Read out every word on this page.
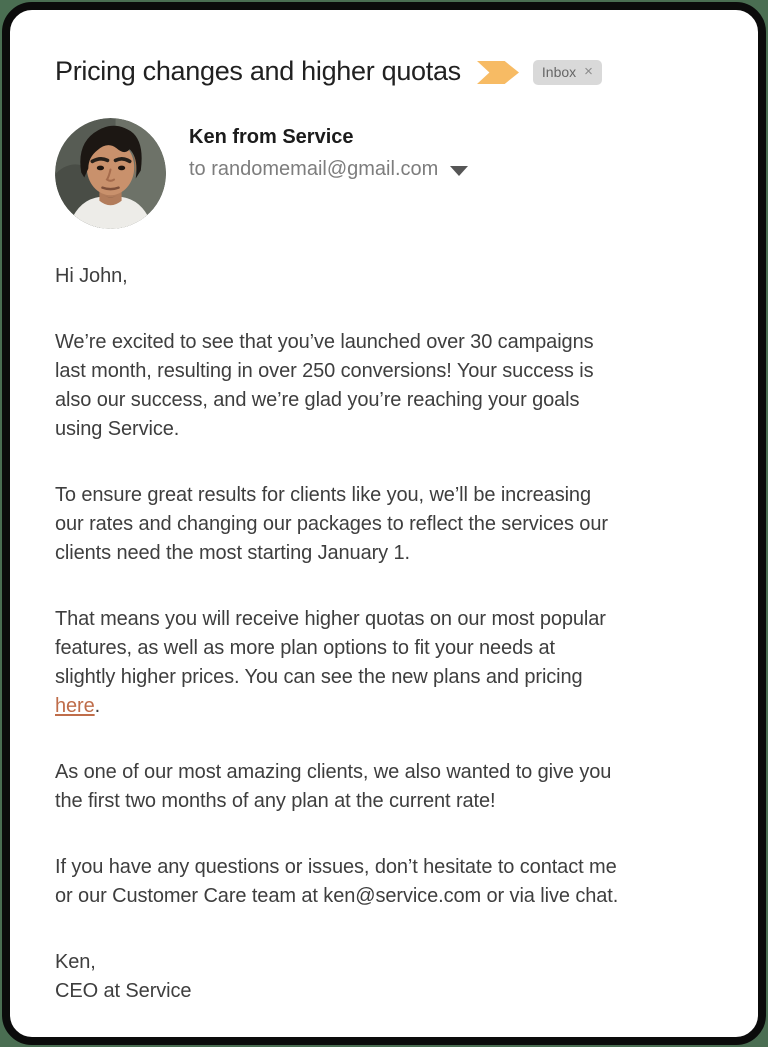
Pricing changes and higher quotas	Inbox ×
Ken from Service
to randomemail@gmail.com

Hi John,

We’re excited to see that you’ve launched over 30 campaigns
last month, resulting in over 250 conversions! Your success is
also our success, and we’re glad you’re reaching your goals
using Service.

To ensure great results for clients like you, we’ll be increasing
our rates and changing our packages to reflect the services our
clients need the most starting January 1.

That means you will receive higher quotas on our most popular
features, as well as more plan options to fit your needs at
slightly higher prices. You can see the new plans and pricing
here.

As one of our most amazing clients, we also wanted to give you
the first two months of any plan at the current rate!

If you have any questions or issues, don’t hesitate to contact me
or our Customer Care team at ken@service.com or via live chat.

Ken,
CEO at Service
